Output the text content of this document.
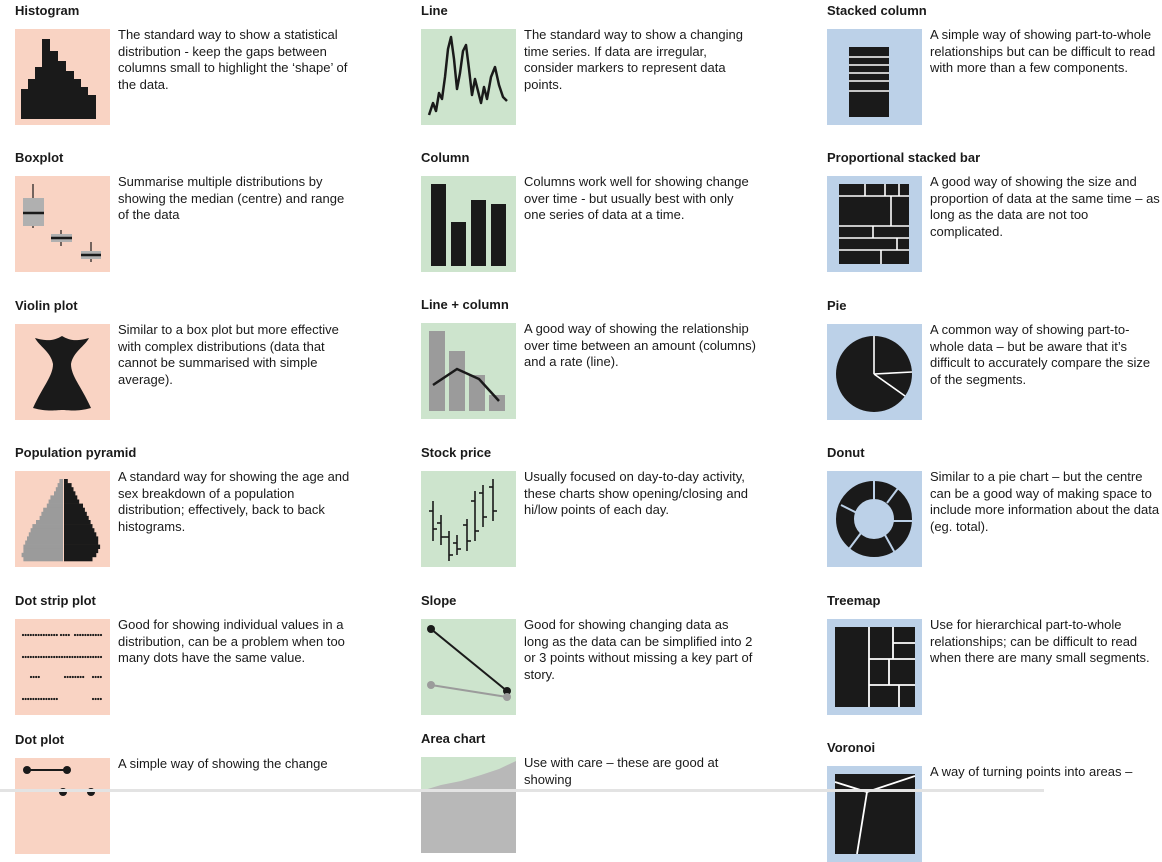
Histogram

The standard way to show a statistical distribution - keep the gaps between columns small to highlight the ‘shape’ of the data.

Boxplot

Summarise multiple distributions by showing the median (centre) and range of the data

Violin plot

Similar to a box plot but more effective with complex distributions (data that cannot be summarised with simple average).

Population pyramid

A standard way for showing the age and sex breakdown of a population distribution; effectively, back to back histograms.

Dot strip plot

Good for showing individual values in a distribution, can be a problem when too many dots have the same value.

Dot plot

A simple way of showing the change

Line

The standard way to show a changing time series. If data are irregular, consider markers to represent data points.

Column

Columns work well for showing change over time - but usually best with only one series of data at a time.

Line + column

A good way of showing the relationship over time between an amount (columns) and a rate (line).

Stock price

Usually focused on day-to-day activity, these charts show opening/closing and hi/low points of each day.

Slope

Good for showing changing data as long as the data can be simplified into 2 or 3 points without missing a key part of story.

Area chart

Use with care – these are good at showing

Stacked column

A simple way of showing part-to-whole relationships but can be difficult to read with more than a few components.

Proportional stacked bar

A good way of showing the size and proportion of data at the same time – as long as the data are not too complicated.

Pie

A common way of showing part-to-whole data – but be aware that it’s difficult to accurately compare the size of the segments.

Donut

Similar to a pie chart – but the centre can be a good way of making space to include more information about the data (eg. total).

Treemap

Use for hierarchical part-to-whole relationships; can be difficult to read when there are many small segments.

Voronoi

A way of turning points into areas –
